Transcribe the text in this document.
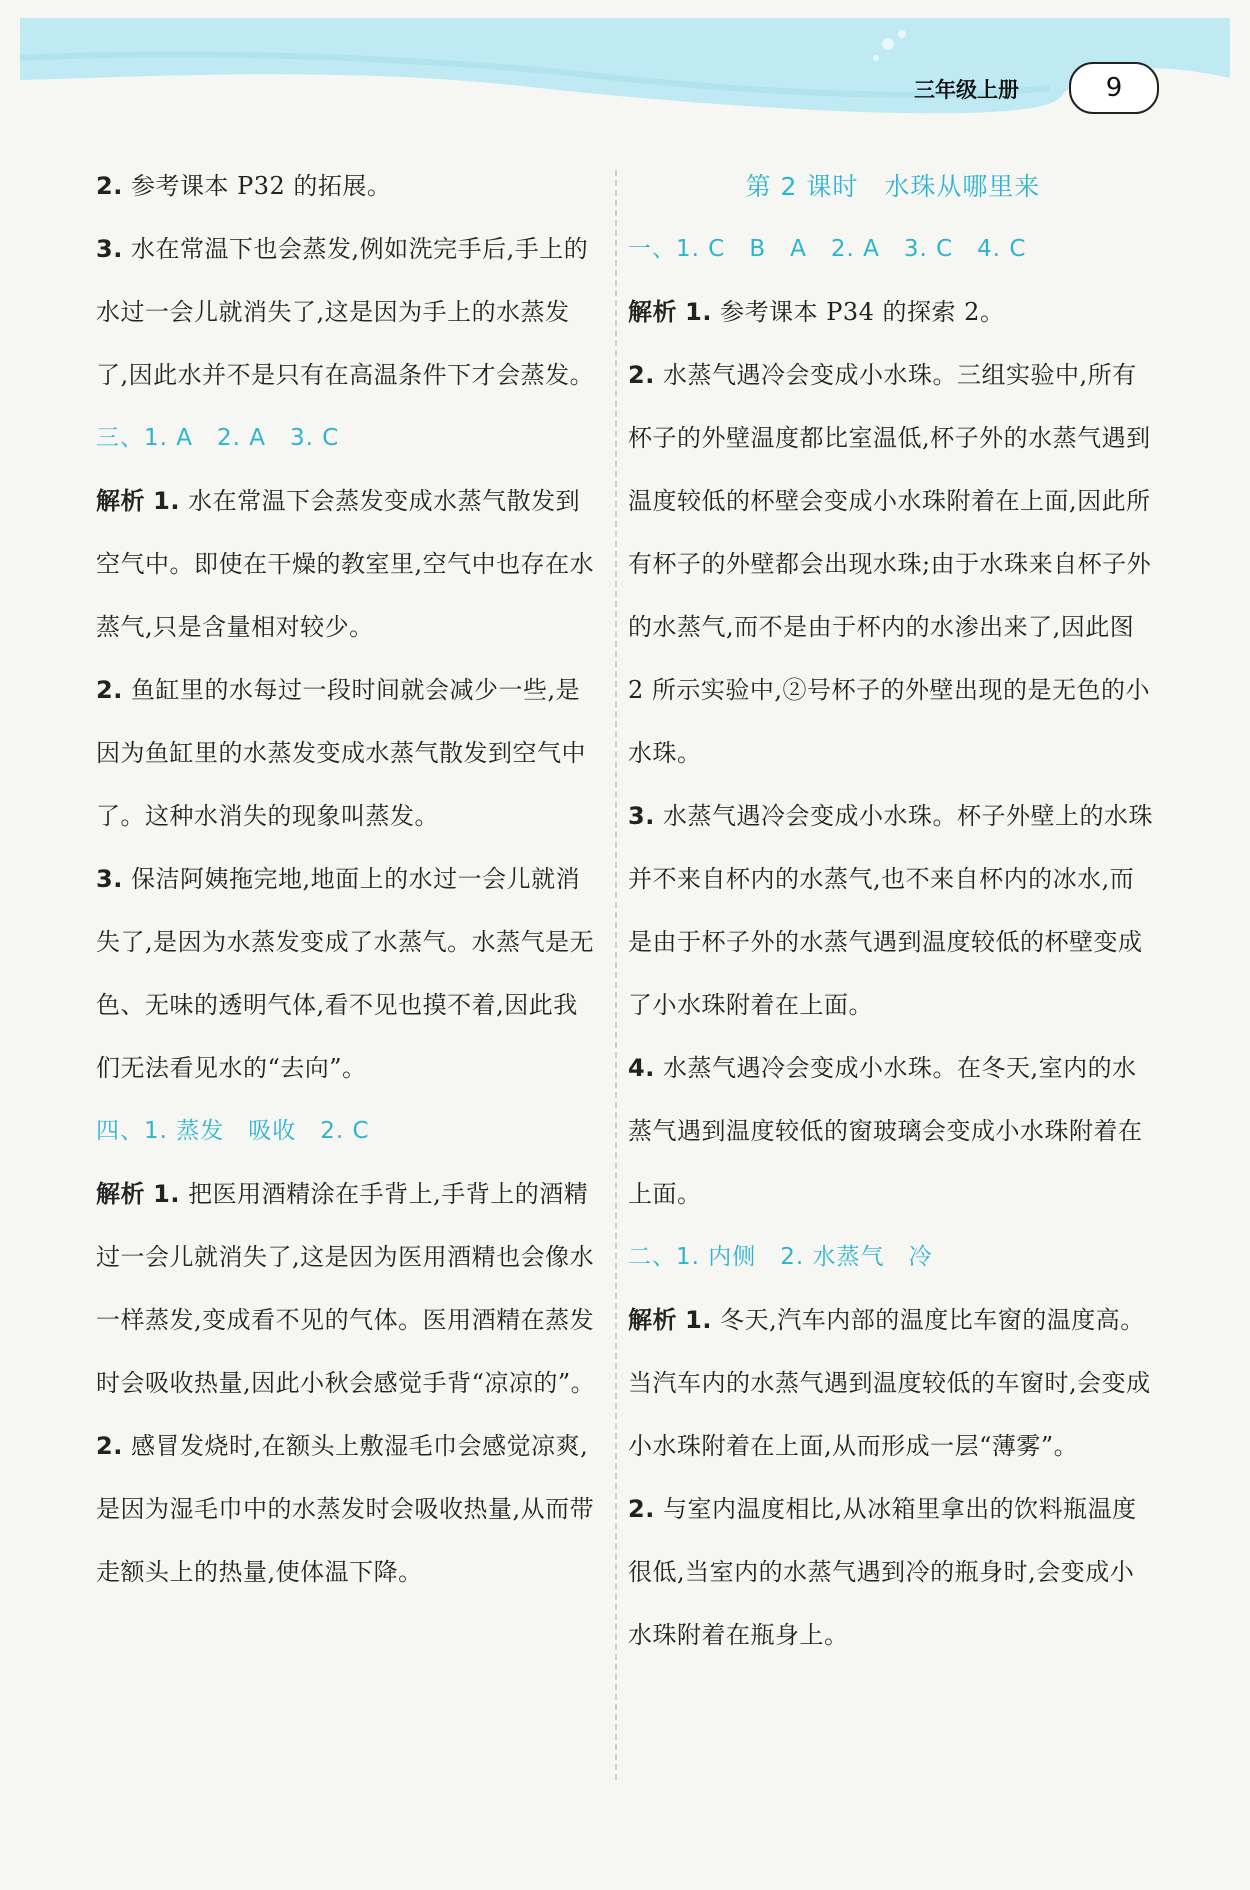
三年级上册	9

2. 参考课本 P32 的拓展。

3. 水在常温下也会蒸发,例如洗完手后,手上的水过一会儿就消失了,这是因为手上的水蒸发了,因此水并不是只有在高温条件下才会蒸发。

三、1. A　2. A　3. C

解析 1. 水在常温下会蒸发变成水蒸气散发到空气中。即使在干燥的教室里,空气中也存在水蒸气,只是含量相对较少。

2. 鱼缸里的水每过一段时间就会减少一些,是因为鱼缸里的水蒸发变成水蒸气散发到空气中了。这种水消失的现象叫蒸发。

3. 保洁阿姨拖完地,地面上的水过一会儿就消失了,是因为水蒸发变成了水蒸气。水蒸气是无色、无味的透明气体,看不见也摸不着,因此我们无法看见水的“去向”。

四、1. 蒸发　吸收　2. C

解析 1. 把医用酒精涂在手背上,手背上的酒精过一会儿就消失了,这是因为医用酒精也会像水一样蒸发,变成看不见的气体。医用酒精在蒸发时会吸收热量,因此小秋会感觉手背“凉凉的”。

2. 感冒发烧时,在额头上敷湿毛巾会感觉凉爽,是因为湿毛巾中的水蒸发时会吸收热量,从而带走额头上的热量,使体温下降。

第 2 课时　水珠从哪里来

一、1. C　B　A　2. A　3. C　4. C

解析 1. 参考课本 P34 的探索 2。

2. 水蒸气遇冷会变成小水珠。三组实验中,所有杯子的外壁温度都比室温低,杯子外的水蒸气遇到温度较低的杯壁会变成小水珠附着在上面,因此所有杯子的外壁都会出现水珠;由于水珠来自杯子外的水蒸气,而不是由于杯内的水渗出来了,因此图 2 所示实验中,②号杯子的外壁出现的是无色的小水珠。

3. 水蒸气遇冷会变成小水珠。杯子外壁上的水珠并不来自杯内的水蒸气,也不来自杯内的冰水,而是由于杯子外的水蒸气遇到温度较低的杯壁变成了小水珠附着在上面。

4. 水蒸气遇冷会变成小水珠。在冬天,室内的水蒸气遇到温度较低的窗玻璃会变成小水珠附着在上面。

二、1. 内侧　2. 水蒸气　冷

解析 1. 冬天,汽车内部的温度比车窗的温度高。当汽车内的水蒸气遇到温度较低的车窗时,会变成小水珠附着在上面,从而形成一层“薄雾”。

2. 与室内温度相比,从冰箱里拿出的饮料瓶温度很低,当室内的水蒸气遇到冷的瓶身时,会变成小水珠附着在瓶身上。
